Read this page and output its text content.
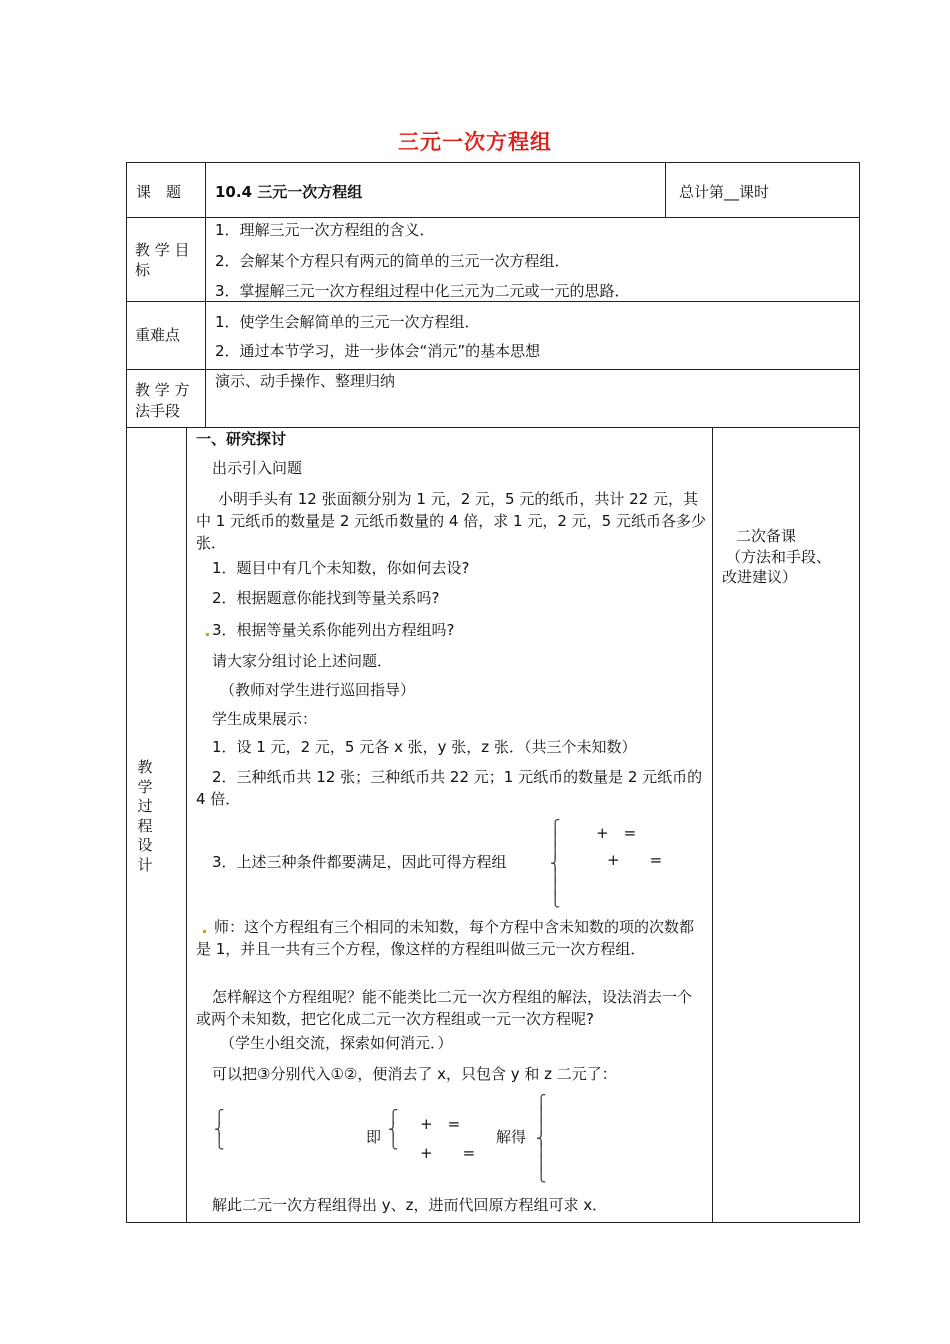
三元一次方程组
课　题 10.4 三元一次方程组	总计第__课时
教 学 目
标
1．理解三元一次方程组的含义．
2．会解某个方程只有两元的简单的三元一次方程组．
3．掌握解三元一次方程组过程中化三元为二元或一元的思路．
重难点
1．使学生会解简单的三元一次方程组．
2．通过本节学习，进一步体会“消元”的基本思想
教 学 方
法手段
演示、动手操作、整理归纳
教
学
过
程
设
计
一、研究探讨
出示引入问题
小明手头有 12 张面额分别为 1 元，2 元，5 元的纸币，共计 22 元，其中 1 元纸币的数量是 2 元纸币数量的 4 倍，求 1 元，2 元，5 元纸币各多少张．
1．题目中有几个未知数，你如何去设?
2．根据题意你能找到等量关系吗?
3．根据等量关系你能列出方程组吗?
请大家分组讨论上述问题．
（教师对学生进行巡回指导）
学生成果展示：
1．设 1 元，2 元，5 元各 x 张，y 张，z 张．（共三个未知数）
2．三种纸币共 12 张；三种纸币共 22 元；1 元纸币的数量是 2 元纸币的 4 倍．
3．上述三种条件都要满足，因此可得方程组
⎧
⎪
⎪
⎨
⎪
⎪
⎩
+　=
+　　=
师：这个方程组有三个相同的未知数，每个方程中含未知数的项的次数都是 1，并且一共有三个方程，像这样的方程组叫做三元一次方程组．
怎样解这个方程组呢？能不能类比二元一次方程组的解法，设法消去一个或两个未知数，把它化成二元一次方程组或一元一次方程呢?
（学生小组交流，探索如何消元．）
可以把③分别代入①②，便消去了 x，只包含 y 和 z 二元了：
⎧
⎨
⎩	即
⎧
⎨
⎩
+　=
+　　=
解得
⎧
⎪
⎪
⎨
⎪
⎪
⎩
解此二元一次方程组得出 y、z，进而代回原方程组可求 x．
二次备课
（方法和手段、
改进建议）
